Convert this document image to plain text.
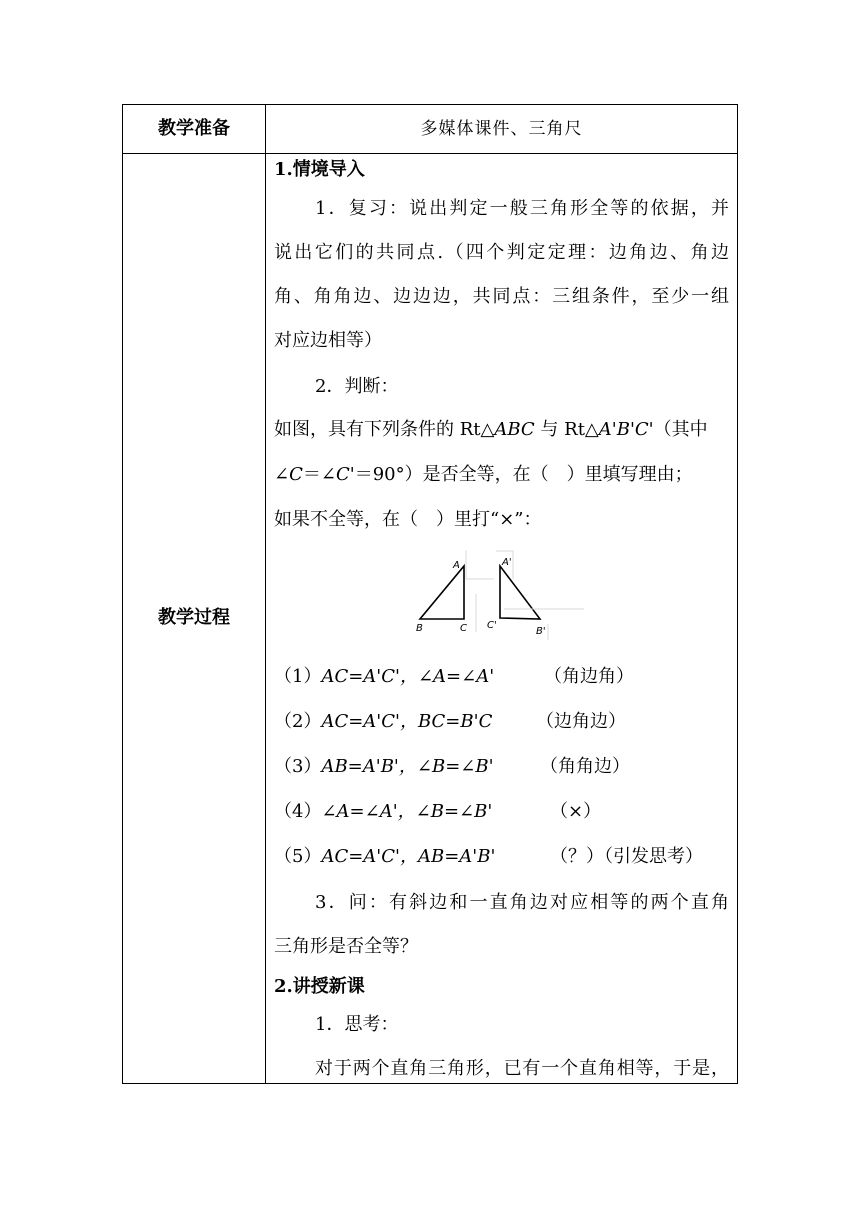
教学准备	多媒体课件、三角尺
教学过程
1.情境导入
1．复习：说出判定一般三角形全等的依据，并
说出它们的共同点.（四个判定定理：边角边、角边
角、角角边、边边边，共同点：三组条件，至少一组
对应边相等）
2．判断：
如图，具有下列条件的 Rt△ABC 与 Rt△A'B'C'（其中
∠C＝∠C'＝90°）是否全等，在（　）里填写理由；
如果不全等，在（　）里打“×”：
B	C
A	A'
C'
B'
（1）AC=A'C'，∠A=∠A'	（角边角）
（2）AC=A'C'，BC=B'C （边角边）
（3）AB=A'B'，∠B=∠B'	（角角边）
（4）∠A=∠A'，∠B=∠B'	（×）
（5）AC=A'C'，AB=A'B'	（？）（引发思考）
3．问：有斜边和一直角边对应相等的两个直角
三角形是否全等？
2.讲授新课
1．思考：
对于两个直角三角形，已有一个直角相等，于是，
